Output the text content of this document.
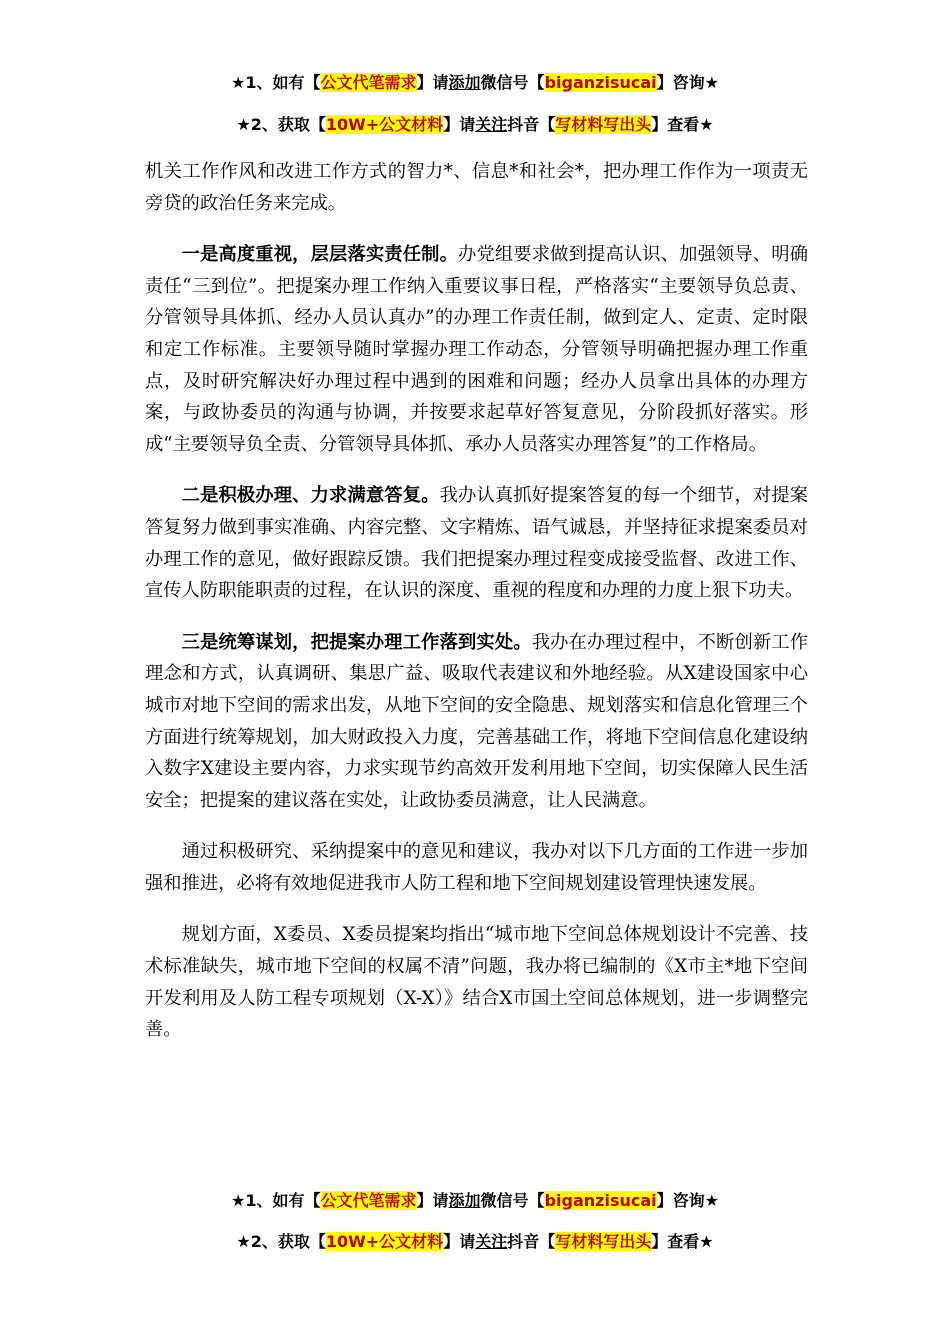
★1、如有【公文代笔需求】请添加微信号【biganzisucai】咨询★
★2、获取【10W+公文材料】请关注抖音【写材料写出头】查看★

机关工作作风和改进工作方式的智力*、信息*和社会*，把办理工作作为一项责无旁贷的政治任务来完成。

一是高度重视，层层落实责任制。办党组要求做到提高认识、加强领导、明确责任“三到位”。把提案办理工作纳入重要议事日程，严格落实“主要领导负总责、分管领导具体抓、经办人员认真办”的办理工作责任制，做到定人、定责、定时限和定工作标准。主要领导随时掌握办理工作动态，分管领导明确把握办理工作重点，及时研究解决好办理过程中遇到的困难和问题；经办人员拿出具体的办理方案，与政协委员的沟通与协调，并按要求起草好答复意见，分阶段抓好落实。形成“主要领导负全责、分管领导具体抓、承办人员落实办理答复”的工作格局。

二是积极办理、力求满意答复。我办认真抓好提案答复的每一个细节，对提案答复努力做到事实准确、内容完整、文字精炼、语气诚恳，并坚持征求提案委员对办理工作的意见，做好跟踪反馈。我们把提案办理过程变成接受监督、改进工作、宣传人防职能职责的过程，在认识的深度、重视的程度和办理的力度上狠下功夫。

三是统筹谋划，把提案办理工作落到实处。我办在办理过程中，不断创新工作理念和方式，认真调研、集思广益、吸取代表建议和外地经验。从X建设国家中心城市对地下空间的需求出发，从地下空间的安全隐患、规划落实和信息化管理三个方面进行统筹规划，加大财政投入力度，完善基础工作，将地下空间信息化建设纳入数字X建设主要内容，力求实现节约高效开发利用地下空间，切实保障人民生活安全；把提案的建议落在实处，让政协委员满意，让人民满意。

通过积极研究、采纳提案中的意见和建议，我办对以下几方面的工作进一步加强和推进，必将有效地促进我市人防工程和地下空间规划建设管理快速发展。

规划方面，X委员、X委员提案均指出“城市地下空间总体规划设计不完善、技术标准缺失，城市地下空间的权属不清”问题，我办将已编制的《X市主*地下空间开发利用及人防工程专项规划（X-X）》结合X市国土空间总体规划，进一步调整完善。

★1、如有【公文代笔需求】请添加微信号【biganzisucai】咨询★
★2、获取【10W+公文材料】请关注抖音【写材料写出头】查看★
